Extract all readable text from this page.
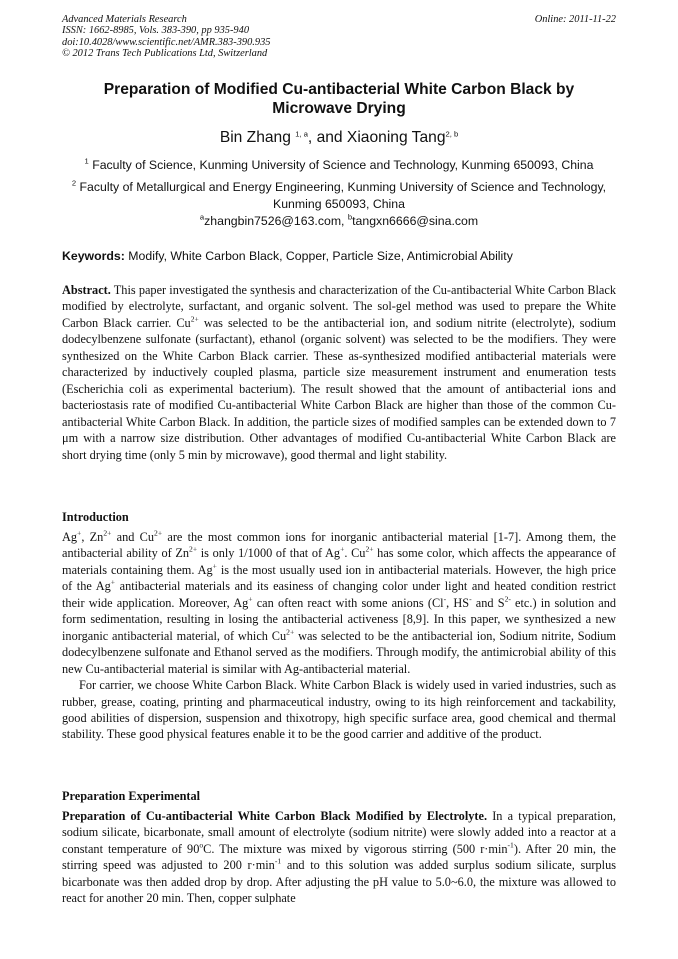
Advanced Materials Research
ISSN: 1662-8985, Vols. 383-390, pp 935-940
doi:10.4028/www.scientific.net/AMR.383-390.935
© 2012 Trans Tech Publications Ltd, Switzerland
Online: 2011-11-22
Preparation of Modified Cu-antibacterial White Carbon Black by
Microwave Drying
Bin Zhang $^{1, a}$, and Xiaoning Tang$^{2, b}$
$^1$ Faculty of Science, Kunming University of Science and Technology, Kunming 650093, China
$^2$ Faculty of Metallurgical and Energy Engineering, Kunming University of Science and Technology,
Kunming 650093, China
$^a$zhangbin7526@163.com, $^b$tangxn6666@sina.com
Keywords: Modify, White Carbon Black, Copper, Particle Size, Antimicrobial Ability

Abstract. This paper investigated the synthesis and characterization of the Cu-antibacterial White Carbon Black modified by electrolyte, surfactant, and organic solvent. The sol-gel method was used to prepare the White Carbon Black carrier. $Cu^{2+}$ was selected to be the antibacterial ion, and sodium nitrite (electrolyte), sodium dodecylbenzene sulfonate (surfactant), ethanol (organic solvent) was selected to be the modifiers. They were synthesized on the White Carbon Black carrier. These as-synthesized modified antibacterial materials were characterized by inductively coupled plasma, particle size measurement instrument and enumeration tests (Escherichia coli as experimental bacterium). The result showed that the amount of antibacterial ions and bacteriostasis rate of modified Cu-antibacterial White Carbon Black are higher than those of the common Cu-antibacterial White Carbon Black. In addition, the particle sizes of modified samples can be extended down to 7 μm with a narrow size distribution. Other advantages of modified Cu-antibacterial White Carbon Black are short drying time (only 5 min by microwave), good thermal and light stability.

Introduction

Ag+, $Zn^{2+}$ and $Cu^{2+}$ are the most common ions for inorganic antibacterial material [1-7]. Among them, the antibacterial ability of $Zn^{2+}$ is only 1/1000 of that of Ag+. $Cu^{2+}$ has some color, which affects the appearance of materials containing them. Ag+ is the most usually used ion in antibacterial materials. However, the high price of the Ag+ antibacterial materials and its easiness of changing color under light and heated condition restrict their wide application. Moreover, Ag+ can often react with some anions (Cl-, HS- and $S^{2-}$ etc.) in solution and form sedimentation, resulting in losing the antibacterial activeness [8,9]. In this paper, we synthesized a new inorganic antibacterial material, of which $Cu^{2+}$ was selected to be the antibacterial ion, Sodium nitrite, Sodium dodecylbenzene sulfonate and Ethanol served as the modifiers. Through modify, the antimicrobial ability of this new Cu-antibacterial material is similar with Ag-antibacterial material.

For carrier, we choose White Carbon Black. White Carbon Black is widely used in varied industries, such as rubber, grease, coating, printing and pharmaceutical industry, owing to its high reinforcement and tackability, good abilities of dispersion, suspension and thixotropy, high specific surface area, good chemical and thermal stability. These good physical features enable it to be the good carrier and additive of the product.

Preparation Experimental

Preparation of Cu-antibacterial White Carbon Black Modified by Electrolyte. In a typical preparation, sodium silicate, bicarbonate, small amount of electrolyte (sodium nitrite) were slowly added into a reactor at a constant temperature of 90$^o$C. The mixture was mixed by vigorous stirring (500 $r\cdot\min^{-1}$). After 20 min, the stirring speed was adjusted to 200 $r\cdot\min^{-1}$ and to this solution was added surplus sodium silicate, surplus bicarbonate was then added drop by drop. After adjusting the pH value to 5.0~6.0, the mixture was allowed to react for another 20 min. Then, copper sulphate
